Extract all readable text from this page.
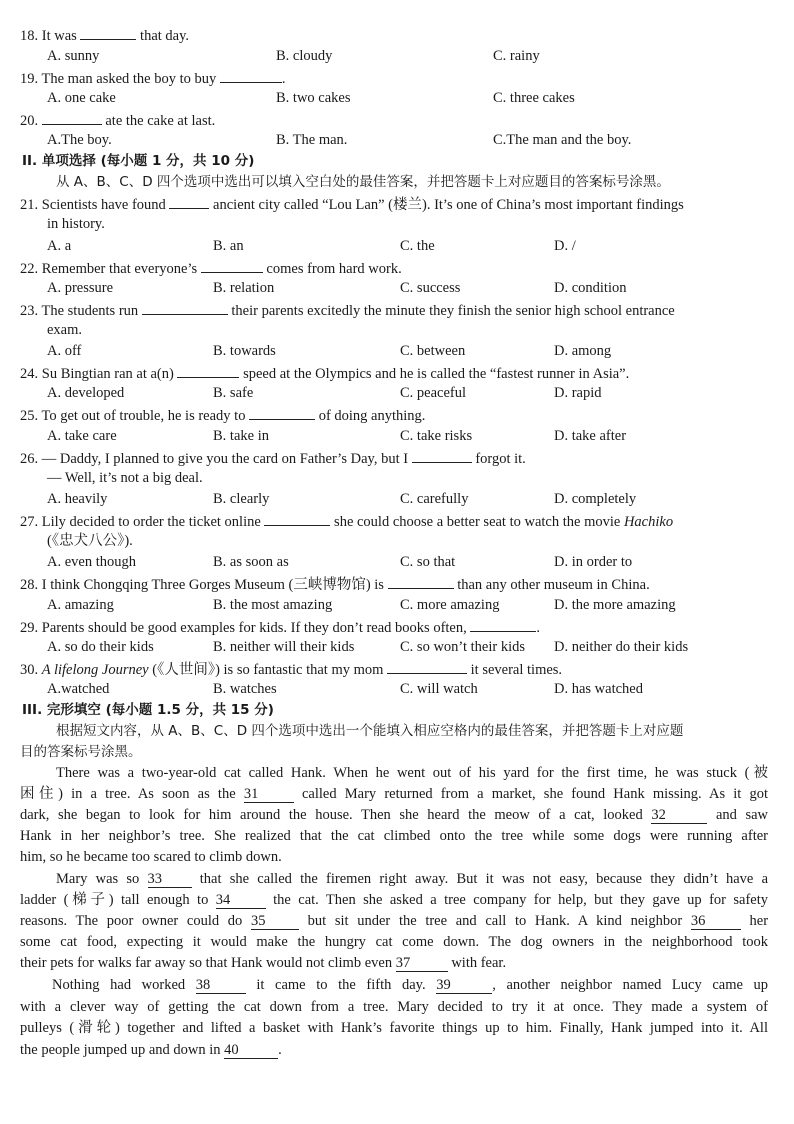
18. It was	that day.
A. sunny	B. cloudy	C. rainy
19. The man asked the boy to buy	.
A. one cake	B. two cakes	C. three cakes
20.	ate the cake at last.
A.The boy.	B. The man.	C.The man and the boy.
II. 单项选择 (每小题 1 分，共 10 分)
从 A、B、C、D 四个选项中选出可以填入空白处的最佳答案，并把答题卡上对应题目的答案标号涂黑。
21. Scientists have found	ancient city called “Lou Lan” (楼兰). It’s one of China’s most important findings
in history.
A. a	B. an	C. the	D. /
22. Remember that everyone’s	comes from hard work.
A. pressure	B. relation	C. success	D. condition
23. The students run	their parents excitedly the minute they finish the senior high school entrance
exam.
A. off	B. towards	C. between	D. among
24. Su Bingtian ran at a(n)	speed at the Olympics and he is called the “fastest runner in Asia”.
A. developed	B. safe	C. peaceful	D. rapid
25. To get out of trouble, he is ready to	of doing anything.
A. take care	B. take in	C. take risks	D. take after
26. — Daddy, I planned to give you the card on Father’s Day, but I	forgot it.
— Well, it’s not a big deal.
A. heavily	B. clearly	C. carefully	D. completely
27. Lily decided to order the ticket online	she could choose a better seat to watch the movie Hachiko
(《忠犬八公》).
A. even though	B. as soon as	C. so that	D. in order to
28. I think Chongqing Three Gorges Museum (三峡博物馆) is	than any other museum in China.
A. amazing	B. the most amazing	C. more amazing	D. the more amazing
29. Parents should be good examples for kids. If they don’t read books often,	.
A. so do their kids	B. neither will their kids	C. so won’t their kids D. neither do their kids
30. A lifelong Journey (《人世间》) is so fantastic that my mom	it several times.
A.watched	B. watches	C. will watch	D. has watched
III. 完形填空 (每小题 1.5 分，共 15 分)
根据短文内容，从 A、B、C、D 四个选项中选出一个能填入相应空格内的最佳答案，并把答题卡上对应题
目的答案标号涂黑。
There was a two-year-old cat called Hank. When he went out of his yard for the first time, he was stuck (被
困住) in a tree. As soon as the 31	called Mary returned from a market, she found Hank missing. As it got
dark, she began to look for him around the house. Then she heard the meow of a cat, looked 32	and saw
Hank in her neighbor’s tree. She realized that the cat climbed onto the tree while some dogs were running after
him, so he became too scared to climb down.
Mary was so 33	that she called the firemen right away. But it was not easy, because they didn’t have a
ladder (梯子) tall enough to 34	the cat. Then she asked a tree company for help, but they gave up for safety
reasons. The poor owner could do 35	but sit under the tree and call to Hank. A kind neighbor 36	her
some cat food, expecting it would make the hungry cat come down. The dog owners in the neighborhood took
their pets for walks far away so that Hank would not climb even 37	with fear.
Nothing had worked 38	it came to the fifth day. 39	, another neighbor named Lucy came up
with a clever way of getting the cat down from a tree. Mary decided to try it at once. They made a system of
pulleys (滑轮) together and lifted a basket with Hank’s favorite things up to him. Finally, Hank jumped into it. All
the people jumped up and down in 40	.
